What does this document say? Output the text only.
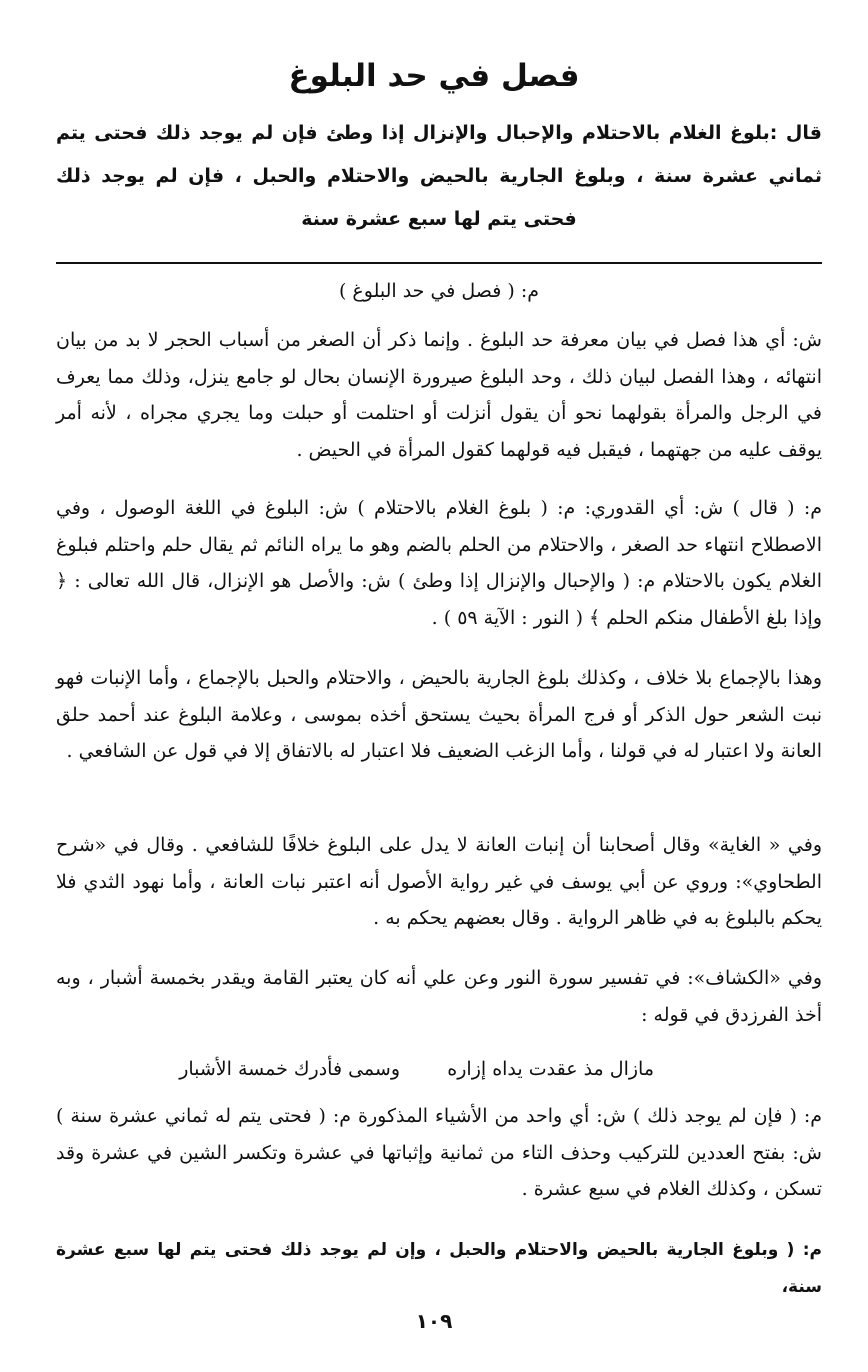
فصل في حد البلوغ

قال :بلوغ الغلام بالاحتلام والإحبال والإنزال إذا وطئ فإن لم يوجد ذلك فحتى يتم ثماني عشرة سنة ، وبلوغ الجارية بالحيض والاحتلام والحبل ، فإن لم يوجد ذلك فحتى يتم لها سبع عشرة سنة

م: ( فصل في حد البلوغ )

ش: أي هذا فصل في بيان معرفة حد البلوغ . وإنما ذكر أن الصغر من أسباب الحجر لا بد من بيان انتهائه ، وهذا الفصل لبيان ذلك ، وحد البلوغ صيرورة الإنسان بحال لو جامع ينزل، وذلك مما يعرف في الرجل والمرأة بقولهما نحو أن يقول أنزلت أو احتلمت أو حبلت وما يجري مجراه ، لأنه أمر يوقف عليه من جهتهما ، فيقبل فيه قولهما كقول المرأة في الحيض .

م: ( قال ) ش: أي القدوري: م: ( بلوغ الغلام بالاحتلام ) ش: البلوغ في اللغة الوصول ، وفي الاصطلاح انتهاء حد الصغر ، والاحتلام من الحلم بالضم وهو ما يراه النائم ثم يقال حلم واحتلم فبلوغ الغلام يكون بالاحتلام م: ( والإحبال والإنزال إذا وطئ ) ش: والأصل هو الإنزال، قال الله تعالى : ﴿ وإذا بلغ الأطفال منكم الحلم ﴾ ( النور : الآية ٥٩ ) .

وهذا بالإجماع بلا خلاف ، وكذلك بلوغ الجارية بالحيض ، والاحتلام والحبل بالإجماع ، وأما الإنبات فهو نبت الشعر حول الذكر أو فرج المرأة بحيث يستحق أخذه بموسى ، وعلامة البلوغ عند أحمد حلق العانة ولا اعتبار له في قولنا ، وأما الزغب الضعيف فلا اعتبار له بالاتفاق إلا في قول عن الشافعي .

وفي « الغاية» وقال أصحابنا أن إنبات العانة لا يدل على البلوغ خلافًا للشافعي . وقال في «شرح الطحاوي»: وروي عن أبي يوسف في غير رواية الأصول أنه اعتبر نبات العانة ، وأما نهود الثدي فلا يحكم بالبلوغ به في ظاهر الرواية . وقال بعضهم يحكم به .

وفي «الكشاف»: في تفسير سورة النور وعن علي أنه كان يعتبر القامة ويقدر بخمسة أشبار ، وبه أخذ الفرزدق في قوله :

مازال مذ عقدت يداه إزاره
وسمى فأدرك خمسة الأشبار

م: ( فإن لم يوجد ذلك ) ش: أي واحد من الأشياء المذكورة م: ( فحتى يتم له ثماني عشرة سنة ) ش: بفتح العددين للتركيب وحذف التاء من ثمانية وإثباتها في عشرة وتكسر الشين في عشرة وقد تسكن ، وكذلك الغلام في سبع عشرة .

م: ( وبلوغ الجارية بالحيض والاحتلام والحبل ، وإن لم يوجد ذلك فحتى يتم لها سبع عشرة سنة،

١٠٩
